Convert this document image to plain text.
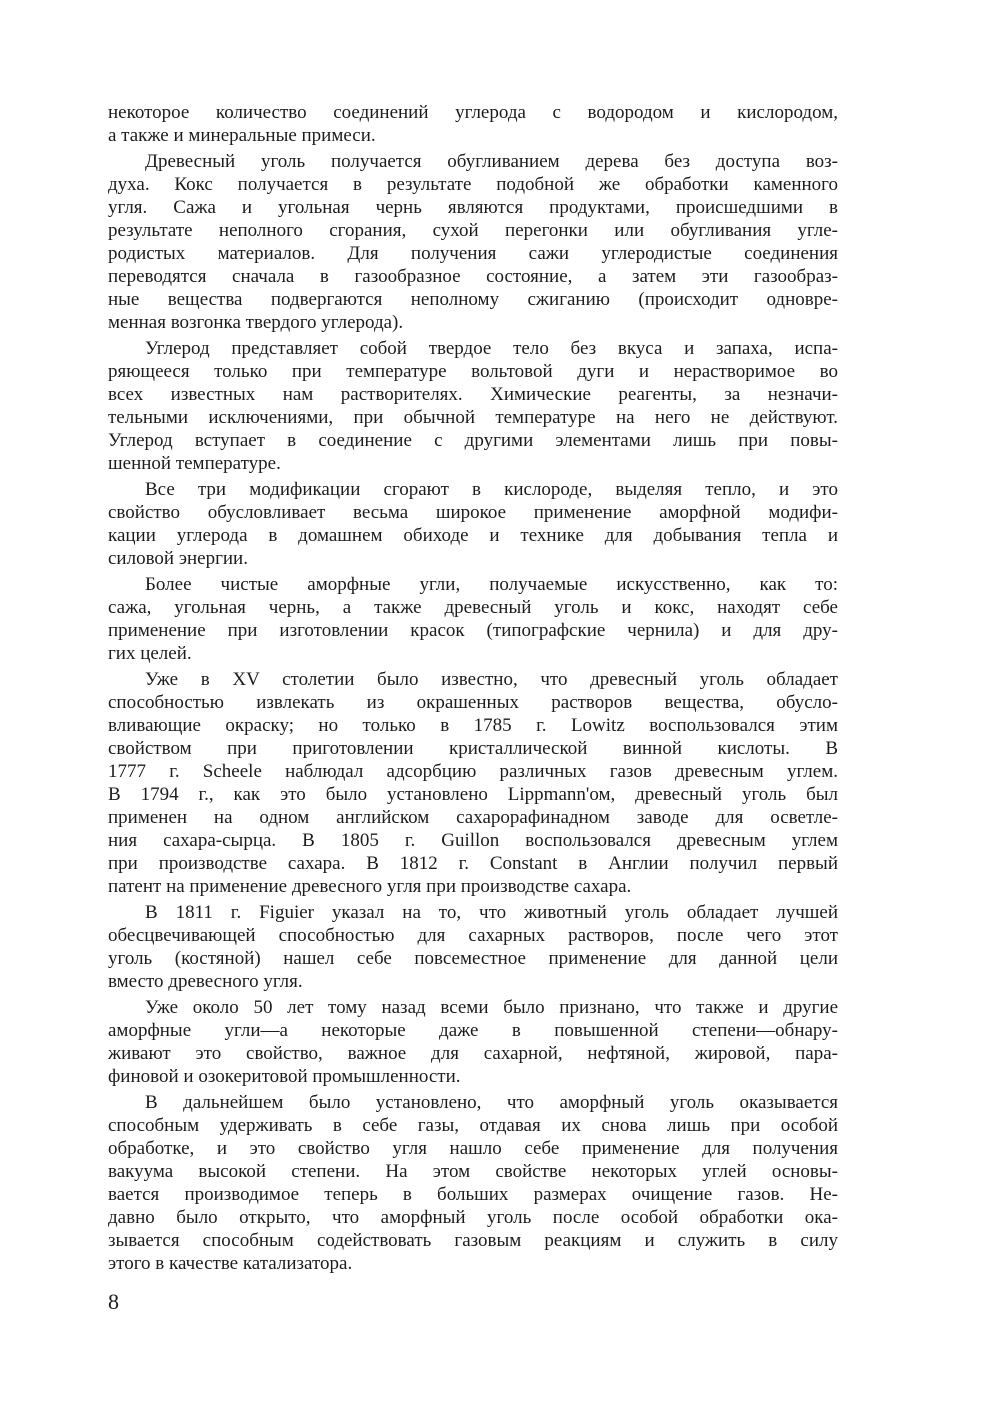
некоторое количество соединений углерода с водородом и кислородом,
а также и минеральные примеси.
Древесный уголь получается обугливанием дерева без доступа воз-
духа. Кокс получается в результате подобной же обработки каменного
угля. Сажа и угольная чернь являются продуктами, происшедшими в
результате неполного сгорания, сухой перегонки или обугливания угле-
родистых материалов. Для получения сажи углеродистые соединения
переводятся сначала в газообразное состояние, а затем эти газообраз-
ные вещества подвергаются неполному сжиганию (происходит одновре-
менная возгонка твердого углерода).
Углерод представляет собой твердое тело без вкуса и запаха, испа-
ряющееся только при температуре вольтовой дуги и нерастворимое во
всех известных нам растворителях. Химические реагенты, за незначи-
тельными исключениями, при обычной температуре на него не действуют.
Углерод вступает в соединение с другими элементами лишь при повы-
шенной температуре.
Все три модификации сгорают в кислороде, выделяя тепло, и это
свойство обусловливает весьма широкое применение аморфной модифи-
кации углерода в домашнем обиходе и технике для добывания тепла и
силовой энергии.
Более чистые аморфные угли, получаемые искусственно, как то:
сажа, угольная чернь, а также древесный уголь и кокс, находят себе
применение при изготовлении красок (типографские чернила) и для дру-
гих целей.
Уже в XV столетии было известно, что древесный уголь обладает
способностью извлекать из окрашенных растворов вещества, обусло-
вливающие окраску; но только в 1785 г. Lowitz воспользовался этим
свойством при приготовлении кристаллической винной кислоты. В
1777 г. Scheele наблюдал адсорбцию различных газов древесным углем.
В 1794 г., как это было установлено Lippmann'ом, древесный уголь был
применен на одном английском сахарорафинадном заводе для осветле-
ния сахара-сырца. В 1805 г. Guillon воспользовался древесным углем
при производстве сахара. В 1812 г. Constant в Англии получил первый
патент на применение древесного угля при производстве сахара.
В 1811 г. Figuier указал на то, что животный уголь обладает лучшей
обесцвечивающей способностью для сахарных растворов, после чего этот
уголь (костяной) нашел себе повсеместное применение для данной цели
вместо древесного угля.
Уже около 50 лет тому назад всеми было признано, что также и другие
аморфные угли—а некоторые даже в повышенной степени—обнару-
живают это свойство, важное для сахарной, нефтяной, жировой, пара-
финовой и озокеритовой промышленности.
В дальнейшем было установлено, что аморфный уголь оказывается
способным удерживать в себе газы, отдавая их снова лишь при особой
обработке, и это свойство угля нашло себе применение для получения
вакуума высокой степени. На этом свойстве некоторых углей основы-
вается производимое теперь в больших размерах очищение газов. Не-
давно было открыто, что аморфный уголь после особой обработки ока-
зывается способным содействовать газовым реакциям и служить в силу
этого в качестве катализатора.
8
